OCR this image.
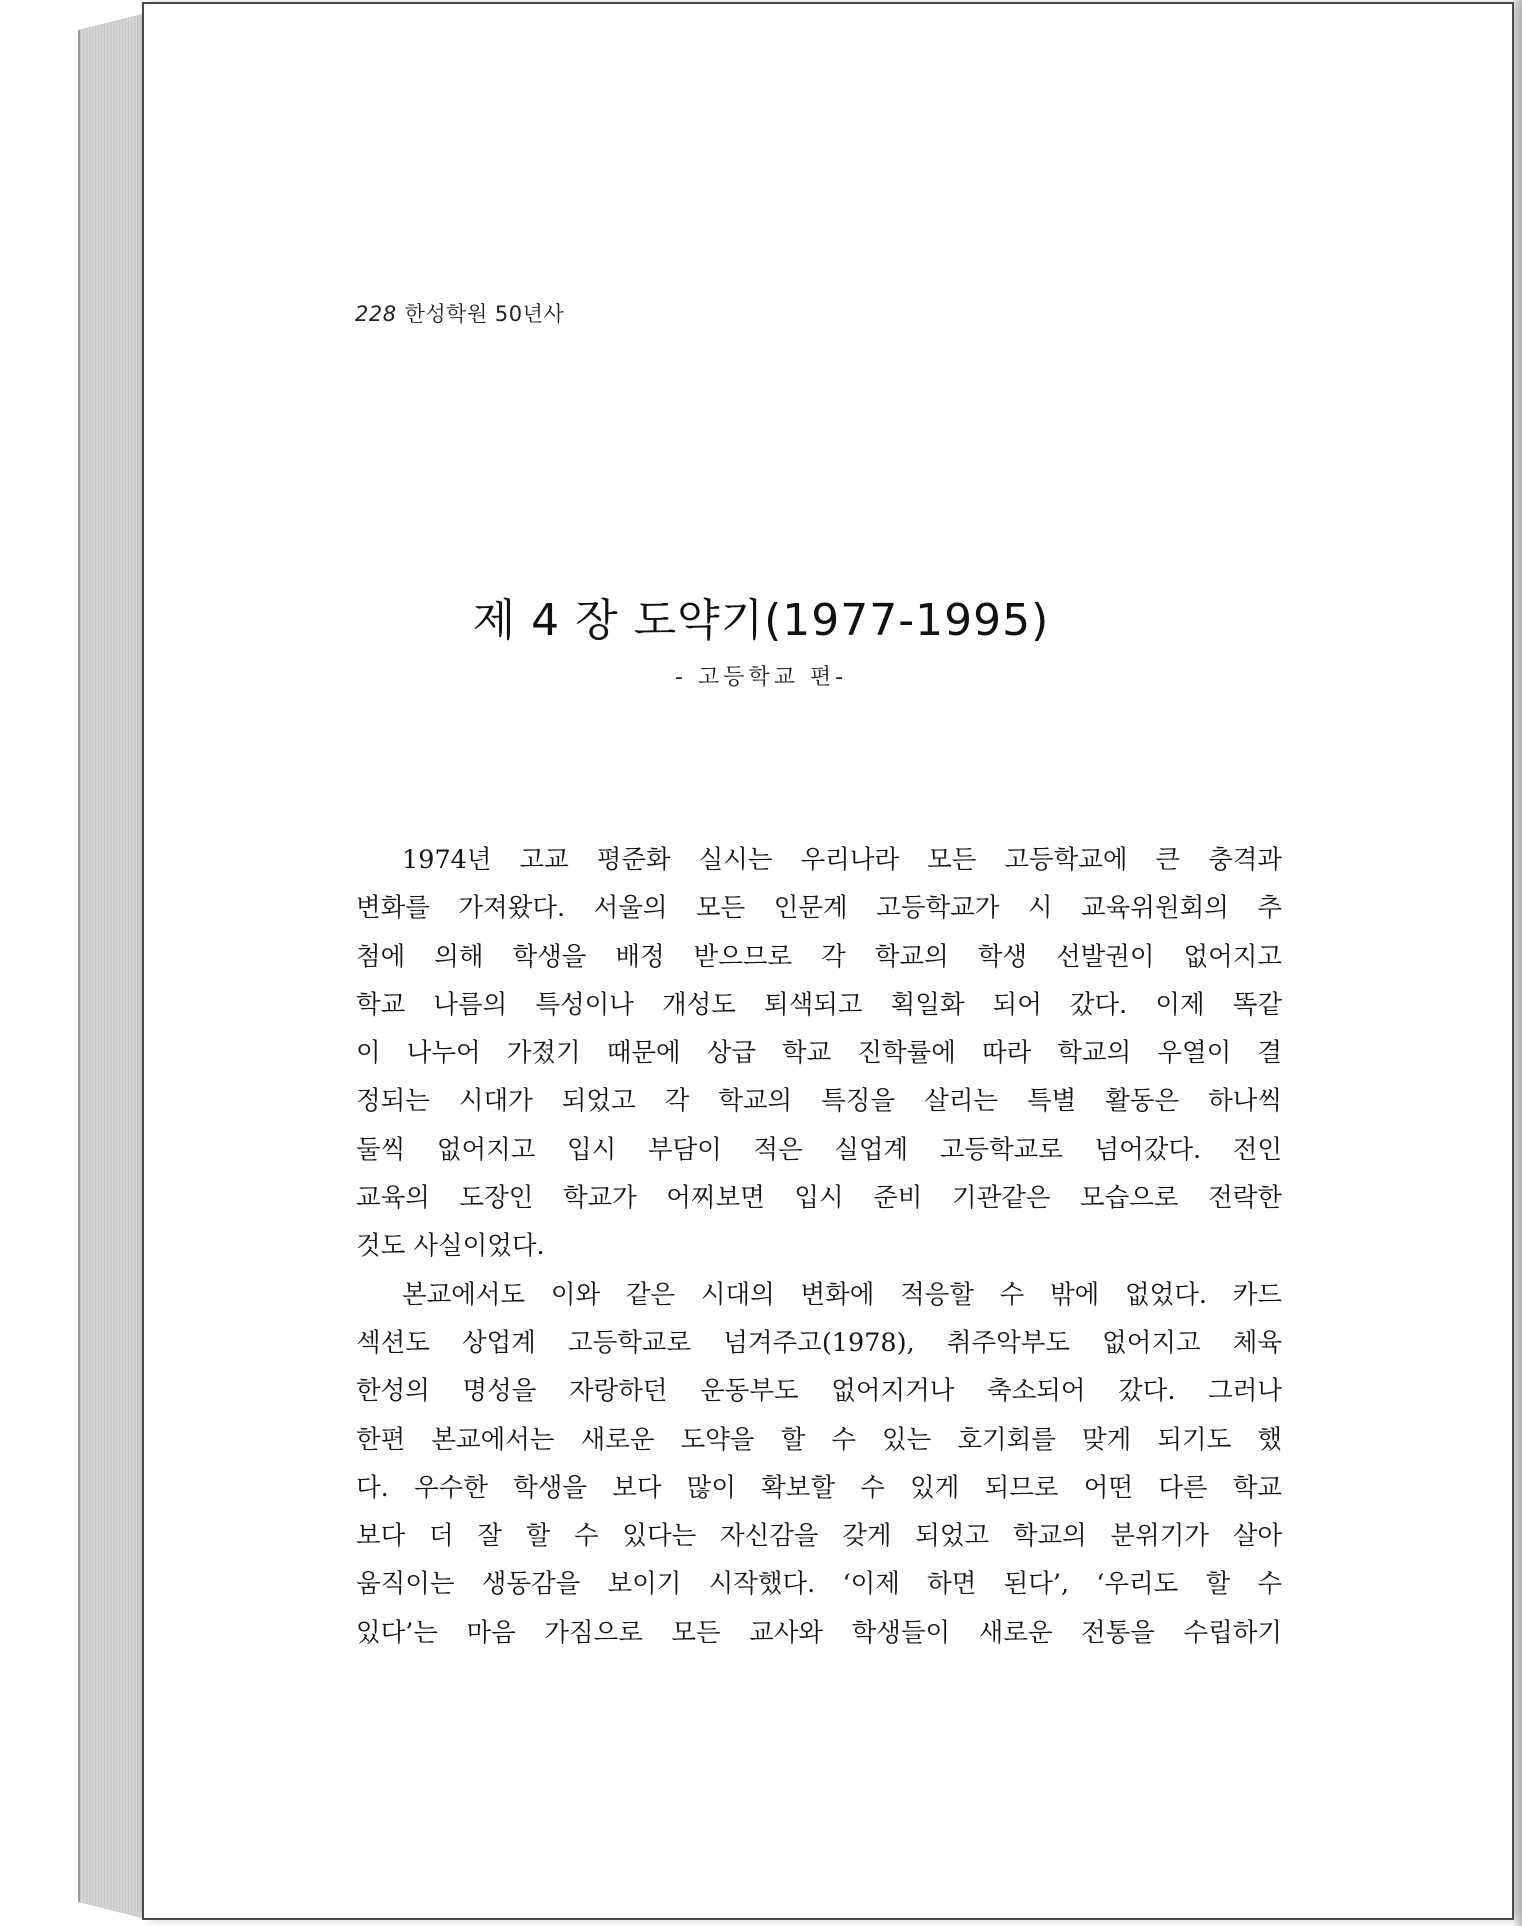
228 한성학원 50년사
제 4 장 도약기(1977-1995)
- 고등학교 편-
1974년 고교 평준화 실시는 우리나라 모든 고등학교에 큰 충격과
변화를 가져왔다. 서울의 모든 인문계 고등학교가 시 교육위원회의 추
첨에 의해 학생을 배정 받으므로 각 학교의 학생 선발권이 없어지고
학교 나름의 특성이나 개성도 퇴색되고 획일화 되어 갔다. 이제 똑같
이 나누어 가졌기 때문에 상급 학교 진학률에 따라 학교의 우열이 결
정되는 시대가 되었고 각 학교의 특징을 살리는 특별 활동은 하나씩
둘씩 없어지고 입시 부담이 적은 실업계 고등학교로 넘어갔다. 전인
교육의 도장인 학교가 어찌보면 입시 준비 기관같은 모습으로 전락한
것도 사실이었다.
본교에서도 이와 같은 시대의 변화에 적응할 수 밖에 없었다. 카드
섹션도 상업계 고등학교로 넘겨주고(1978), 취주악부도 없어지고 체육
한성의 명성을 자랑하던 운동부도 없어지거나 축소되어 갔다. 그러나
한편 본교에서는 새로운 도약을 할 수 있는 호기회를 맞게 되기도 했
다. 우수한 학생을 보다 많이 확보할 수 있게 되므로 어떤 다른 학교
보다 더 잘 할 수 있다는 자신감을 갖게 되었고 학교의 분위기가 살아
움직이는 생동감을 보이기 시작했다. ‘이제 하면 된다’, ‘우리도 할 수
있다’는 마음 가짐으로 모든 교사와 학생들이 새로운 전통을 수립하기
